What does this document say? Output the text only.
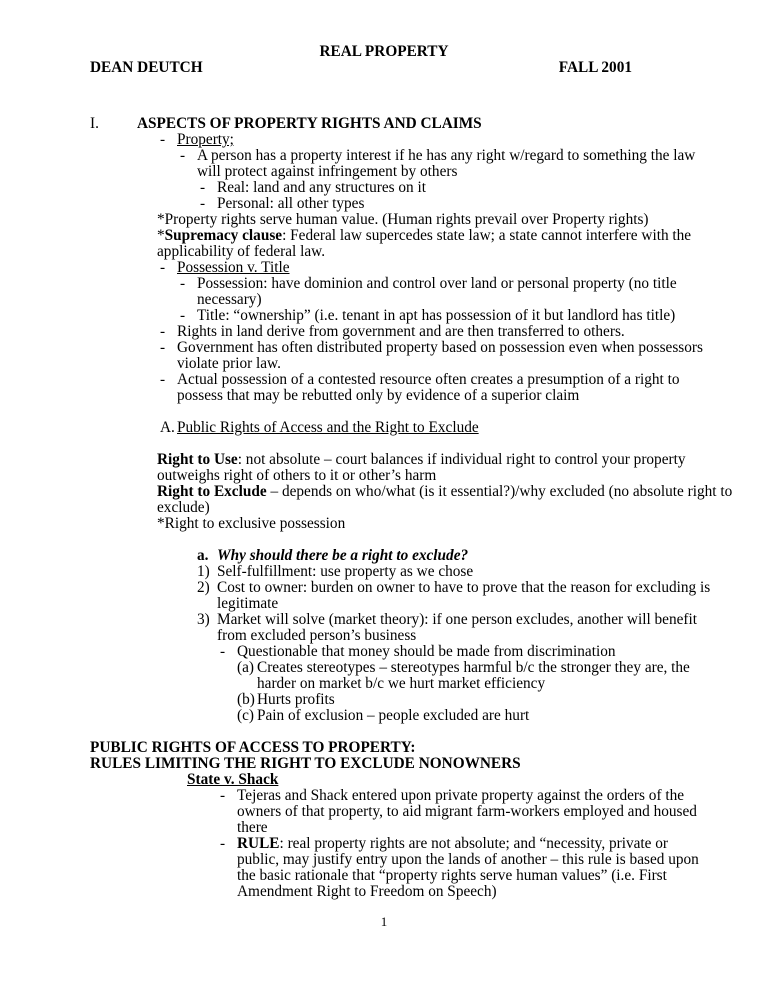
REAL PROPERTY
DEAN DEUTCH	FALL 2001
I. ASPECTS OF PROPERTY RIGHTS AND CLAIMS
- Property;
- A person has a property interest if he has any right w/regard to something the law
will protect against infringement by others
- Real: land and any structures on it
- Personal: all other types
*Property rights serve human value. (Human rights prevail over Property rights)
*Supremacy clause: Federal law supercedes state law; a state cannot interfere with the
applicability of federal law.
- Possession v. Title
- Possession: have dominion and control over land or personal property (no title
necessary)
- Title: “ownership” (i.e. tenant in apt has possession of it but landlord has title)
- Rights in land derive from government and are then transferred to others.
- Government has often distributed property based on possession even when possessors
violate prior law.
- Actual possession of a contested resource often creates a presumption of a right to
possess that may be rebutted only by evidence of a superior claim
A. Public Rights of Access and the Right to Exclude
Right to Use: not absolute – court balances if individual right to control your property
outweighs right of others to it or other’s harm
Right to Exclude – depends on who/what (is it essential?)/why excluded (no absolute right to
exclude)
*Right to exclusive possession
a. Why should there be a right to exclude?
1) Self-fulfillment: use property as we chose
2) Cost to owner: burden on owner to have to prove that the reason for excluding is
legitimate
3) Market will solve (market theory): if one person excludes, another will benefit
from excluded person’s business
- Questionable that money should be made from discrimination
(a) Creates stereotypes – stereotypes harmful b/c the stronger they are, the
harder on market b/c we hurt market efficiency
(b) Hurts profits
(c) Pain of exclusion – people excluded are hurt
PUBLIC RIGHTS OF ACCESS TO PROPERTY:
RULES LIMITING THE RIGHT TO EXCLUDE NONOWNERS
State v. Shack
- Tejeras and Shack entered upon private property against the orders of the
owners of that property, to aid migrant farm-workers employed and housed
there
- RULE: real property rights are not absolute; and “necessity, private or
public, may justify entry upon the lands of another – this rule is based upon
the basic rationale that “property rights serve human values” (i.e. First
Amendment Right to Freedom on Speech)
1
